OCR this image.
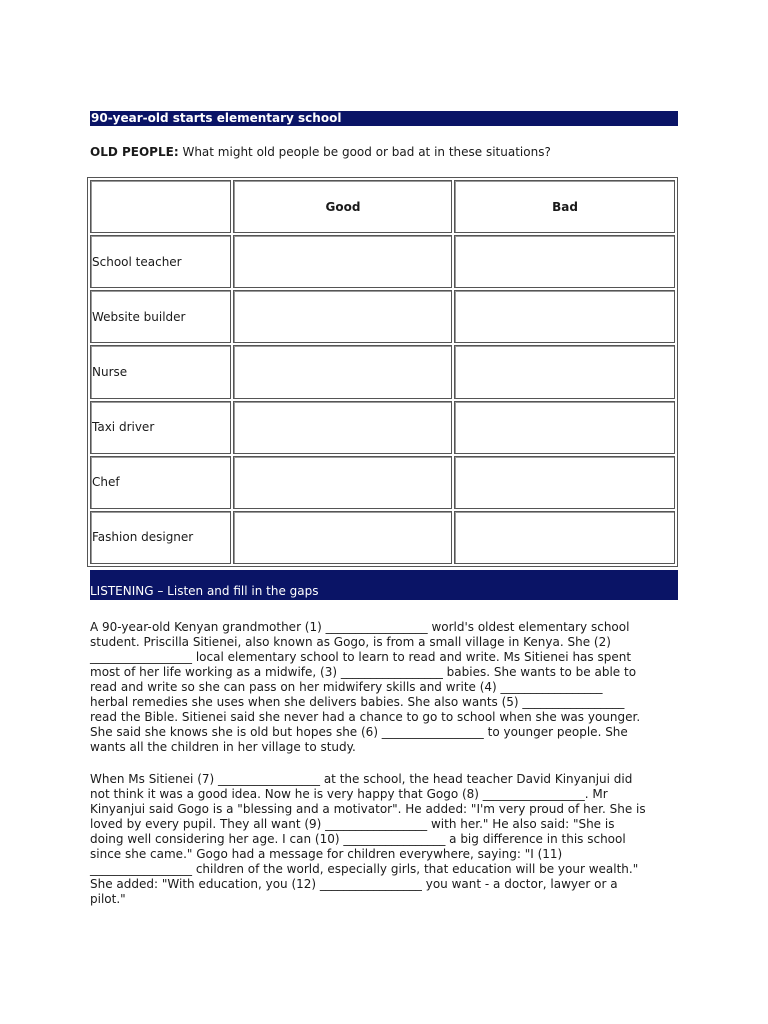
90-year-old starts elementary school
OLD PEOPLE: What might old people be good or bad at in these situations?
	Good	Bad
School teacher		
Website builder		
Nurse		
Taxi driver		
Chef		
Fashion designer		
LISTENING – Listen and fill in the gaps
A 90-year-old Kenyan grandmother (1) _________________ world's oldest elementary school
student. Priscilla Sitienei, also known as Gogo, is from a small village in Kenya. She (2)
_________________ local elementary school to learn to read and write. Ms Sitienei has spent
most of her life working as a midwife, (3) _________________ babies. She wants to be able to
read and write so she can pass on her midwifery skills and write (4) _________________
herbal remedies she uses when she delivers babies. She also wants (5) _________________
read the Bible. Sitienei said she never had a chance to go to school when she was younger.
She said she knows she is old but hopes she (6) _________________ to younger people. She
wants all the children in her village to study.
When Ms Sitienei (7) _________________ at the school, the head teacher David Kinyanjui did
not think it was a good idea. Now he is very happy that Gogo (8) _________________. Mr
Kinyanjui said Gogo is a "blessing and a motivator". He added: "I'm very proud of her. She is
loved by every pupil. They all want (9) _________________ with her." He also said: "She is
doing well considering her age. I can (10) _________________ a big difference in this school
since she came." Gogo had a message for children everywhere, saying: "I (11)
_________________ children of the world, especially girls, that education will be your wealth."
She added: "With education, you (12) _________________ you want - a doctor, lawyer or a
pilot."
